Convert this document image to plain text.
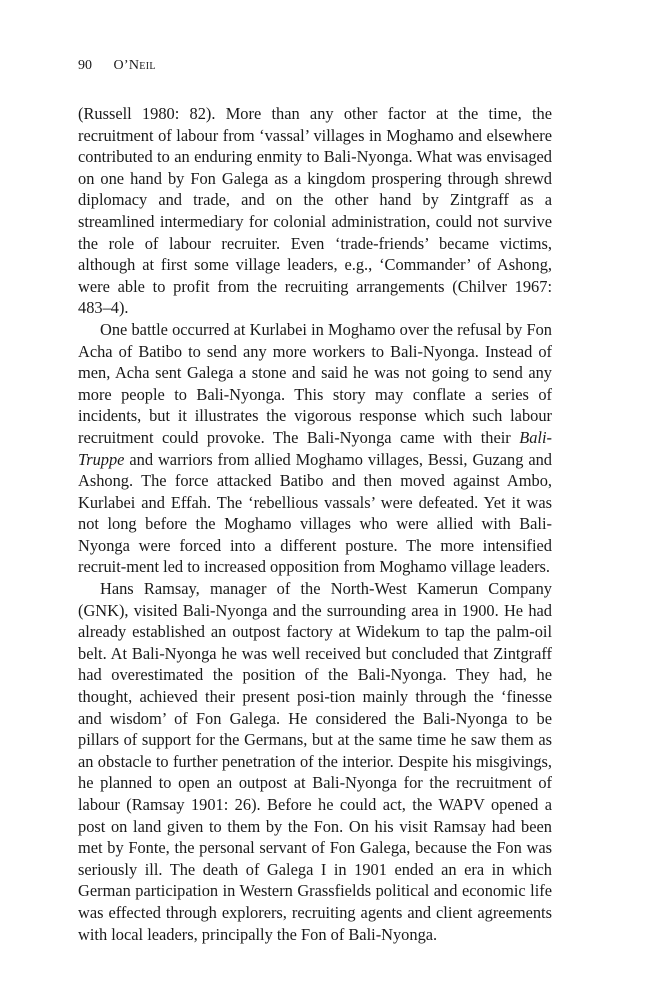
90 O’Neil

(Russell 1980: 82). More than any other factor at the time, the recruitment of labour from ‘vassal’ villages in Moghamo and elsewhere contributed to an enduring enmity to Bali-Nyonga. What was envisaged on one hand by Fon Galega as a kingdom prospering through shrewd diplomacy and trade, and on the other hand by Zintgraff as a streamlined intermediary for colonial administration, could not survive the role of labour recruiter. Even ‘trade-friends’ became victims, although at first some village leaders, e.g., ‘Commander’ of Ashong, were able to profit from the recruiting arrangements (Chilver 1967: 483–4).

One battle occurred at Kurlabei in Moghamo over the refusal by Fon Acha of Batibo to send any more workers to Bali-Nyonga. Instead of men, Acha sent Galega a stone and said he was not going to send any more people to Bali-Nyonga. This story may conflate a series of incidents, but it illustrates the vigorous response which such labour recruitment could provoke. The Bali-Nyonga came with their Bali-Truppe and warriors from allied Moghamo villages, Bessi, Guzang and Ashong. The force attacked Batibo and then moved against Ambo, Kurlabei and Effah. The ‘rebellious vassals’ were defeated. Yet it was not long before the Moghamo villages who were allied with Bali-Nyonga were forced into a different posture. The more intensified recruit-ment led to increased opposition from Moghamo village leaders.

Hans Ramsay, manager of the North-West Kamerun Company (GNK), visited Bali-Nyonga and the surrounding area in 1900. He had already established an outpost factory at Widekum to tap the palm-oil belt. At Bali-Nyonga he was well received but concluded that Zintgraff had overestimated the position of the Bali-Nyonga. They had, he thought, achieved their present posi-tion mainly through the ‘finesse and wisdom’ of Fon Galega. He considered the Bali-Nyonga to be pillars of support for the Germans, but at the same time he saw them as an obstacle to further penetration of the interior. Despite his misgivings, he planned to open an outpost at Bali-Nyonga for the recruitment of labour (Ramsay 1901: 26). Before he could act, the WAPV opened a post on land given to them by the Fon. On his visit Ramsay had been met by Fonte, the personal servant of Fon Galega, because the Fon was seriously ill. The death of Galega I in 1901 ended an era in which German participation in Western Grassfields political and economic life was effected through explorers, recruiting agents and client agreements with local leaders, principally the Fon of Bali-Nyonga.
